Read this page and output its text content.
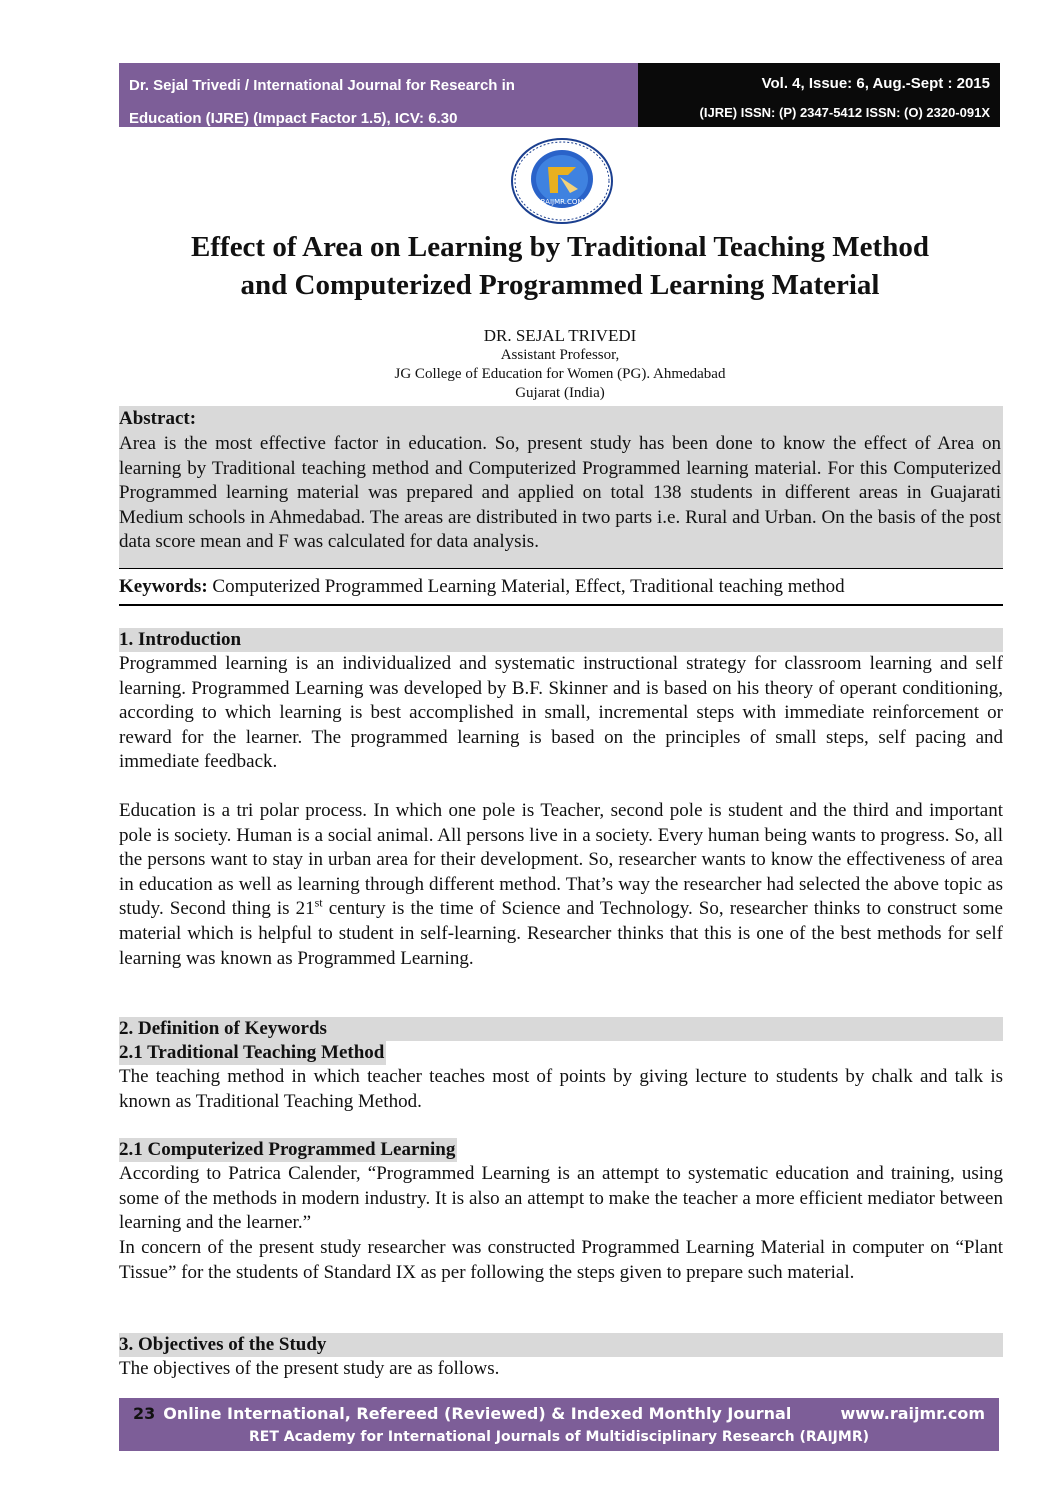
Dr. Sejal Trivedi / International Journal for Research in
Education (IJRE) (Impact Factor 1.5), ICV: 6.30
Vol. 4, Issue: 6, Aug.-Sept : 2015
(IJRE) ISSN: (P) 2347-5412 ISSN: (O) 2320-091X
RAIJMR.COM
Effect of Area on Learning by Traditional Teaching Method
and Computerized Programmed Learning Material
DR. SEJAL TRIVEDI
Assistant Professor,
JG College of Education for Women (PG). Ahmedabad
Gujarat (India)
Abstract:

Area is the most effective factor in education. So, present study has been done to know the effect of Area on learning by Traditional teaching method and Computerized Programmed learning material. For this Computerized Programmed learning material was prepared and applied on total 138 students in different areas in Guajarati Medium schools in Ahmedabad. The areas are distributed in two parts i.e. Rural and Urban. On the basis of the post data score mean and F was calculated for data analysis.

Keywords: Computerized Programmed Learning Material, Effect, Traditional teaching method
1. Introduction

Programmed learning is an individualized and systematic instructional strategy for classroom learning and self learning. Programmed Learning was developed by B.F. Skinner and is based on his theory of operant conditioning, according to which learning is best accomplished in small, incremental steps with immediate reinforcement or reward for the learner. The programmed learning is based on the principles of small steps, self pacing and immediate feedback.

Education is a tri polar process. In which one pole is Teacher, second pole is student and the third and important pole is society. Human is a social animal. All persons live in a society. Every human being wants to progress. So, all the persons want to stay in urban area for their development. So, researcher wants to know the effectiveness of area in education as well as learning through different method. That’s way the researcher had selected the above topic as study. Second thing is 21st century is the time of Science and Technology. So, researcher thinks to construct some material which is helpful to student in self-learning. Researcher thinks that this is one of the best methods for self learning was known as Programmed Learning.

2. Definition of Keywords
2.1 Traditional Teaching Method

The teaching method in which teacher teaches most of points by giving lecture to students by chalk and talk is known as Traditional Teaching Method.

2.1 Computerized Programmed Learning

According to Patrica Calender, “Programmed Learning is an attempt to systematic education and training, using some of the methods in modern industry. It is also an attempt to make the teacher a more efficient mediator between learning and the learner.”

In concern of the present study researcher was constructed Programmed Learning Material in computer on “Plant Tissue” for the students of Standard IX as per following the steps given to prepare such material.

3. Objectives of the Study

The objectives of the present study are as follows.

23 Online International, Refereed (Reviewed) & Indexed Monthly Journal	www.raijmr.com
RET Academy for International Journals of Multidisciplinary Research (RAIJMR)
